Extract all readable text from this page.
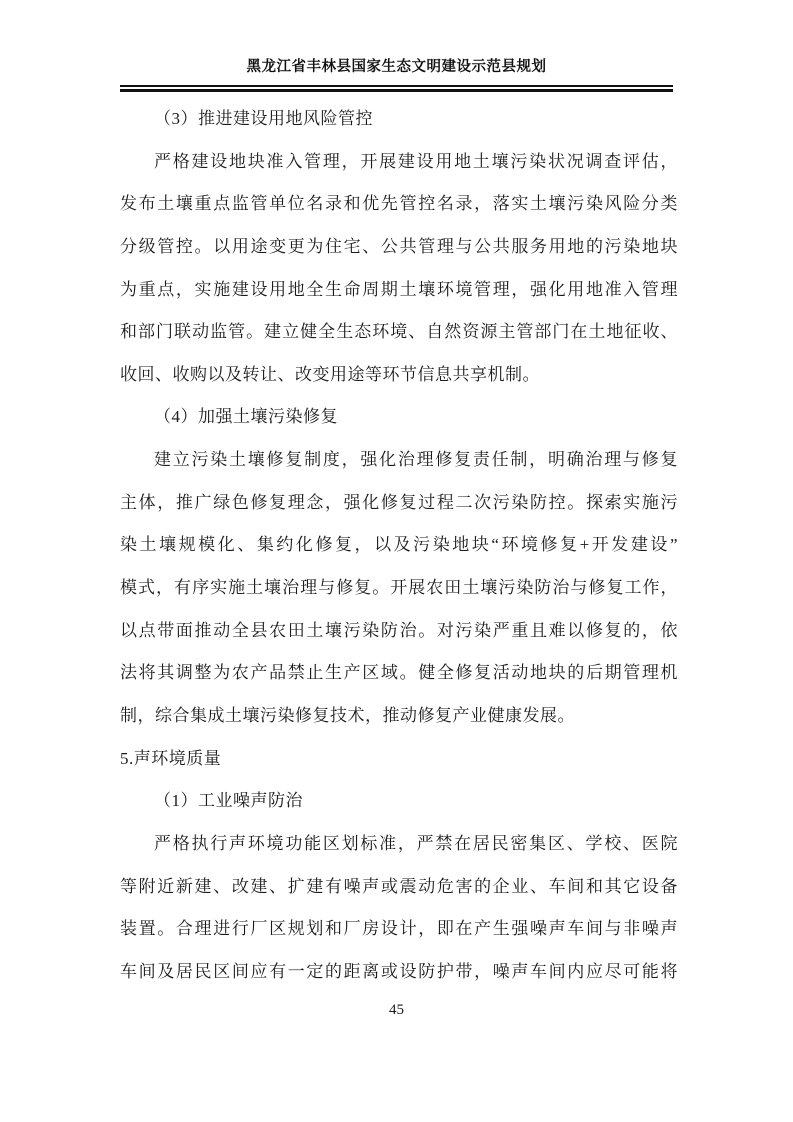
黑龙江省丰林县国家生态文明建设示范县规划
（3）推进建设用地风险管控
严格建设地块准入管理，开展建设用地土壤污染状况调查评估，
发布土壤重点监管单位名录和优先管控名录，落实土壤污染风险分类
分级管控。以用途变更为住宅、公共管理与公共服务用地的污染地块
为重点，实施建设用地全生命周期土壤环境管理，强化用地准入管理
和部门联动监管。建立健全生态环境、自然资源主管部门在土地征收、
收回、收购以及转让、改变用途等环节信息共享机制。
（4）加强土壤污染修复
建立污染土壤修复制度，强化治理修复责任制，明确治理与修复
主体，推广绿色修复理念，强化修复过程二次污染防控。探索实施污
染土壤规模化、集约化修复，以及污染地块“环境修复+开发建设”
模式，有序实施土壤治理与修复。开展农田土壤污染防治与修复工作，
以点带面推动全县农田土壤污染防治。对污染严重且难以修复的，依
法将其调整为农产品禁止生产区域。健全修复活动地块的后期管理机
制，综合集成土壤污染修复技术，推动修复产业健康发展。
5.声环境质量
（1）工业噪声防治
严格执行声环境功能区划标准，严禁在居民密集区、学校、医院
等附近新建、改建、扩建有噪声或震动危害的企业、车间和其它设备
装置。合理进行厂区规划和厂房设计，即在产生强噪声车间与非噪声
车间及居民区间应有一定的距离或设防护带，噪声车间内应尽可能将
45
